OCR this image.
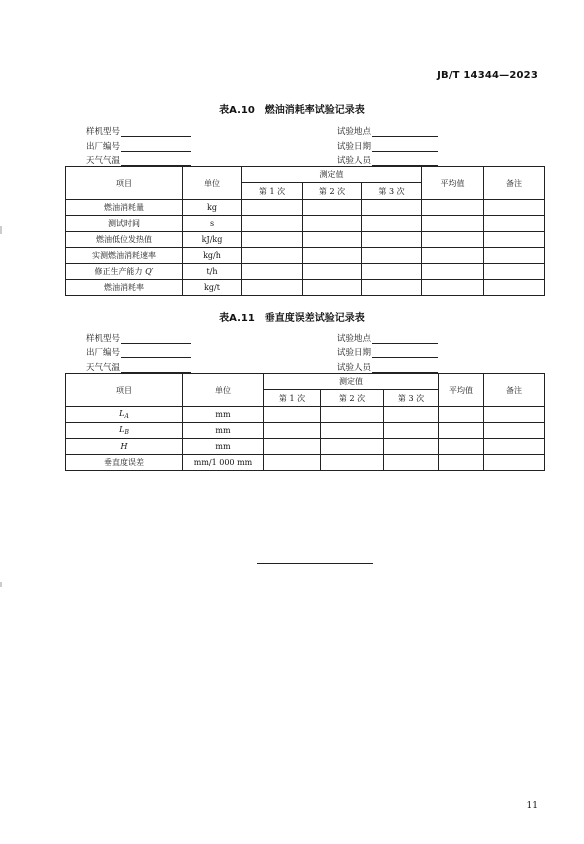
JB/T 14344—2023
表A.10　燃油消耗率试验记录表
样机型号
出厂编号
天气气温
试验地点
试验日期
试验人员
项目	单位	测定值			平均值	备注
		第 1 次	第 2 次	第 3 次		
燃油消耗量	kg					
测试时间	s					
燃油低位发热值	kJ/kg					
实测燃油消耗速率	kg/h					
修正生产能力 Q′	t/h					
燃油消耗率	kg/t					
表A.11　垂直度误差试验记录表
样机型号
出厂编号
天气气温
试验地点
试验日期
试验人员
项目	单位	测定值			平均值	备注
		第 1 次	第 2 次	第 3 次		
$L_A$	mm					
$L_B$	mm					
H	mm					
垂直度误差	mm/1 000 mm					
11
